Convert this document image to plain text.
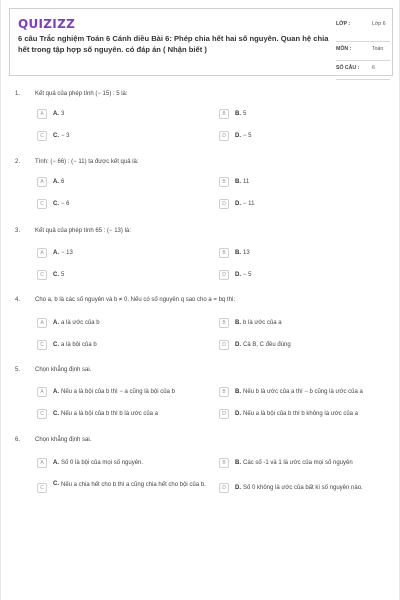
QUIZIZZ
6 câu Trắc nghiệm Toán 6 Cánh diều Bài 6: Phép chia hết hai số nguyên. Quan hệ chia hết trong tập hợp số nguyên. có đáp án ( Nhận biết )
LỚP :	Lớp 6
MÔN :	Toán
SỐ CÂU : 6
1. Kết quả của phép tính (− 15) : 5 là:
A	A. 3	B	B. 5
C	C. − 3	D	D. − 5
2. Tính: (− 66) : (− 11) ta được kết quả là:
A	A. 6	B	B. 11
C	C. − 6	D	D. − 11
3. Kết quả của phép tính 65 : (− 13) là:
A	A. − 13	B	B. 13
C	C. 5	D	D. − 5
4. Cho a, b là các số nguyên và b ≠ 0. Nếu có số nguyên q sao cho a = bq thì:
A	A. a là ước của b	B	B. b là ước của a
C	C. a là bội của b	D	D. Cả B, C đều đúng
5. Chọn khẳng định sai.
A	A. Nếu a là bội của b thì − a cũng là bội của b	B	B. Nếu b là ước của a thì − b cũng là ước của a
C	C. Nếu a là bội của b thì b là ước của a	D	D. Nếu a là bội của b thì b không là ước của a
6. Chọn khẳng định sai.
A	A. Số 0 là bội của mọi số nguyên.	B	B. Các số -1 và 1 là ước của mọi số nguyên
C
C. Nếu a chia hết cho b thì a cũng chia hết cho bội của b.	D	D. Số 0 không là ước của bất kì số nguyên nào.
